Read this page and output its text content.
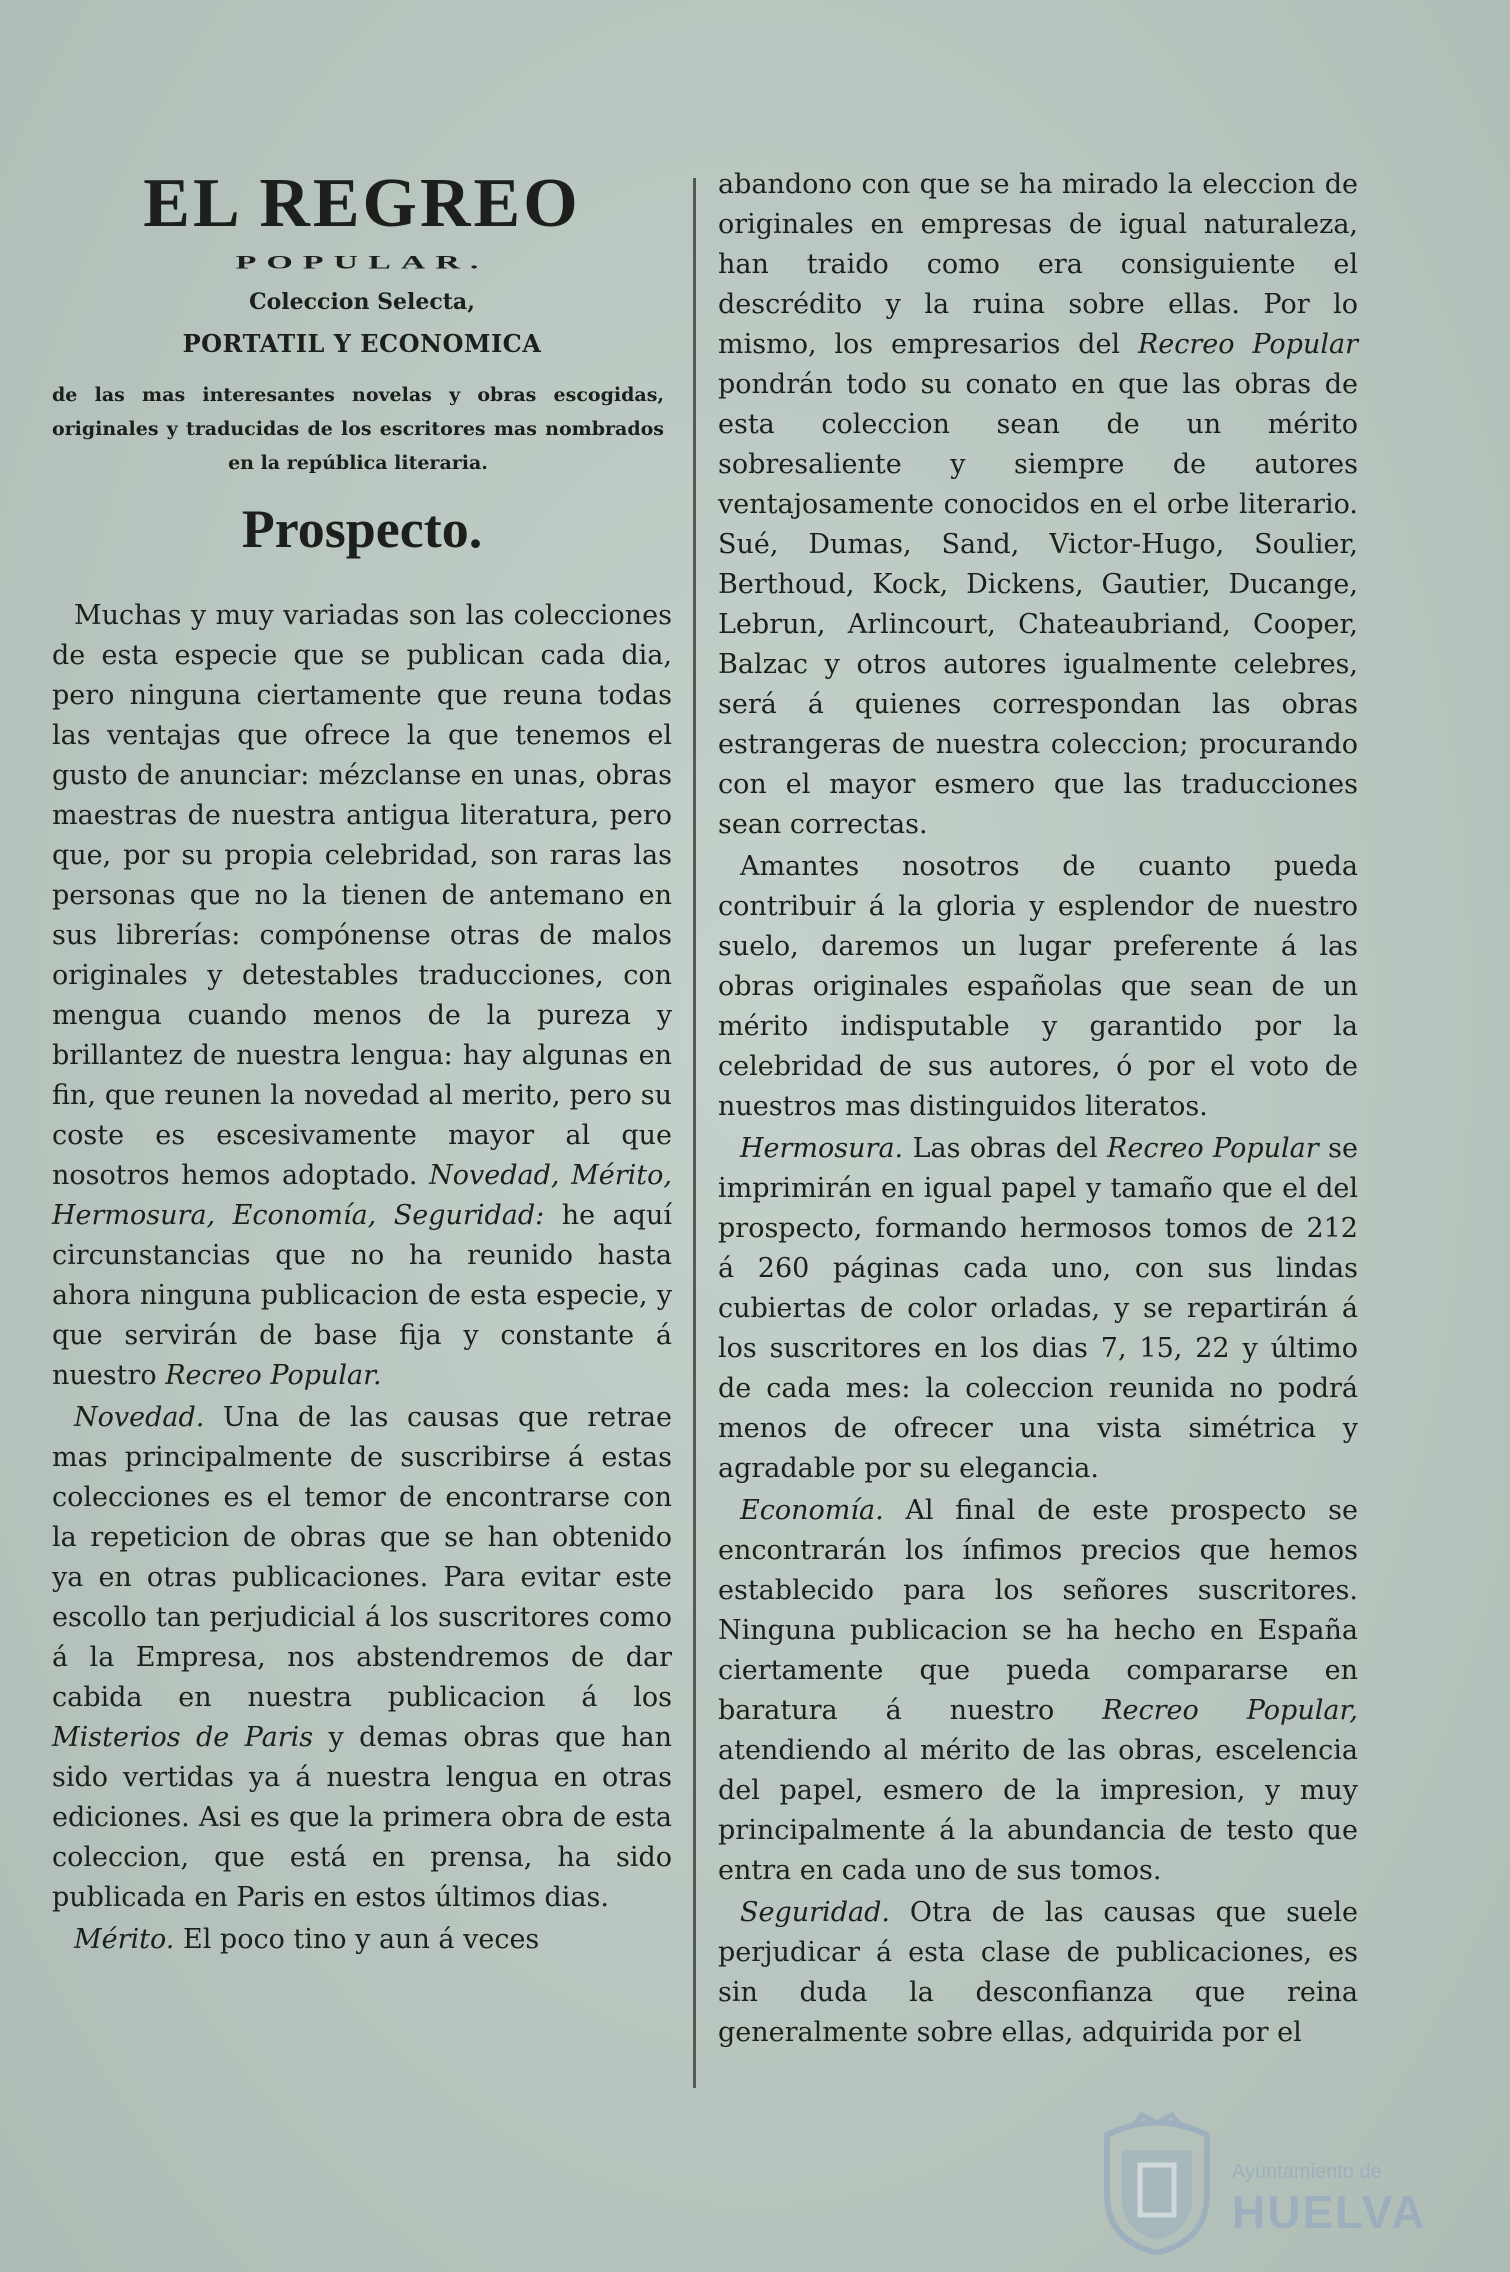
EL REGREO
POPULAR.
Coleccion Selecta,
PORTATIL Y ECONOMICA
de las mas interesantes novelas y obras escogidas, originales y traducidas de los escritores mas nombrados en la república literaria.
Prospecto.

Muchas y muy variadas son las colecciones de esta especie que se publican cada dia, pero ninguna ciertamente que reuna todas las ventajas que ofrece la que tenemos el gusto de anunciar: mézclanse en unas, obras maestras de nuestra antigua literatura, pero que, por su propia celebridad, son raras las personas que no la tienen de antemano en sus librerías: compónense otras de malos originales y detestables traducciones, con mengua cuando menos de la pureza y brillantez de nuestra lengua: hay algunas en fin, que reunen la novedad al merito, pero su coste es escesivamente mayor al que nosotros hemos adoptado. Novedad, Mérito, Hermosura, Economía, Seguridad: he aquí circunstancias que no ha reunido hasta ahora ninguna publicacion de esta especie, y que servirán de base fija y constante á nuestro Recreo Popular.

Novedad. Una de las causas que retrae mas principalmente de suscribirse á estas colecciones es el temor de encontrarse con la repeticion de obras que se han obtenido ya en otras publicaciones. Para evitar este escollo tan perjudicial á los suscritores como á la Empresa, nos abstendremos de dar cabida en nuestra publicacion á los Misterios de Paris y demas obras que han sido vertidas ya á nuestra lengua en otras ediciones. Asi es que la primera obra de esta coleccion, que está en prensa, ha sido publicada en Paris en estos últimos dias.

Mérito. El poco tino y aun á veces

abandono con que se ha mirado la eleccion de originales en empresas de igual naturaleza, han traido como era consiguiente el descrédito y la ruina sobre ellas. Por lo mismo, los empresarios del Recreo Popular pondrán todo su conato en que las obras de esta coleccion sean de un mérito sobresaliente y siempre de autores ventajosamente conocidos en el orbe literario. Sué, Dumas, Sand, Victor-Hugo, Soulier, Berthoud, Kock, Dickens, Gautier, Ducange, Lebrun, Arlincourt, Chateaubriand, Cooper, Balzac y otros autores igualmente celebres, será á quienes correspondan las obras estrangeras de nuestra coleccion; procurando con el mayor esmero que las traducciones sean correctas.

Amantes nosotros de cuanto pueda contribuir á la gloria y esplendor de nuestro suelo, daremos un lugar preferente á las obras originales españolas que sean de un mérito indisputable y garantido por la celebridad de sus autores, ó por el voto de nuestros mas distinguidos literatos.

Hermosura. Las obras del Recreo Popular se imprimirán en igual papel y tamaño que el del prospecto, formando hermosos tomos de 212 á 260 páginas cada uno, con sus lindas cubiertas de color orladas, y se repartirán á los suscritores en los dias 7, 15, 22 y último de cada mes: la coleccion reunida no podrá menos de ofrecer una vista simétrica y agradable por su elegancia.

Economía. Al final de este prospecto se encontrarán los ínfimos precios que hemos establecido para los señores suscritores. Ninguna publicacion se ha hecho en España ciertamente que pueda compararse en baratura á nuestro Recreo Popular, atendiendo al mérito de las obras, escelencia del papel, esmero de la impresion, y muy principalmente á la abundancia de testo que entra en cada uno de sus tomos.

Seguridad. Otra de las causas que suele perjudicar á esta clase de publicaciones, es sin duda la desconfianza que reina generalmente sobre ellas, adquirida por el

Ayuntamiento de
HUELVA
